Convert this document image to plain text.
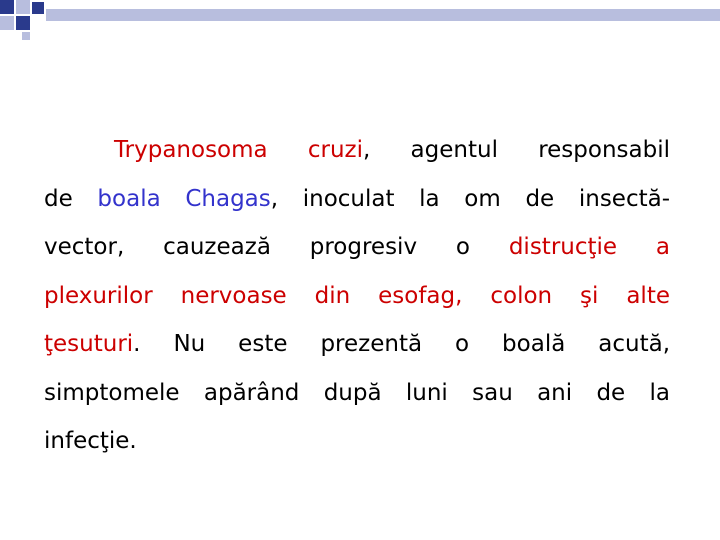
Trypanosoma cruzi, agentul responsabil
de boala Chagas, inoculat la om de insectă-
vector, cauzează progresiv o distrucţie a
plexurilor nervoase din esofag, colon şi alte
ţesuturi. Nu este prezentă o boală acută,
simptomele apărând după luni sau ani de la
infecţie.
